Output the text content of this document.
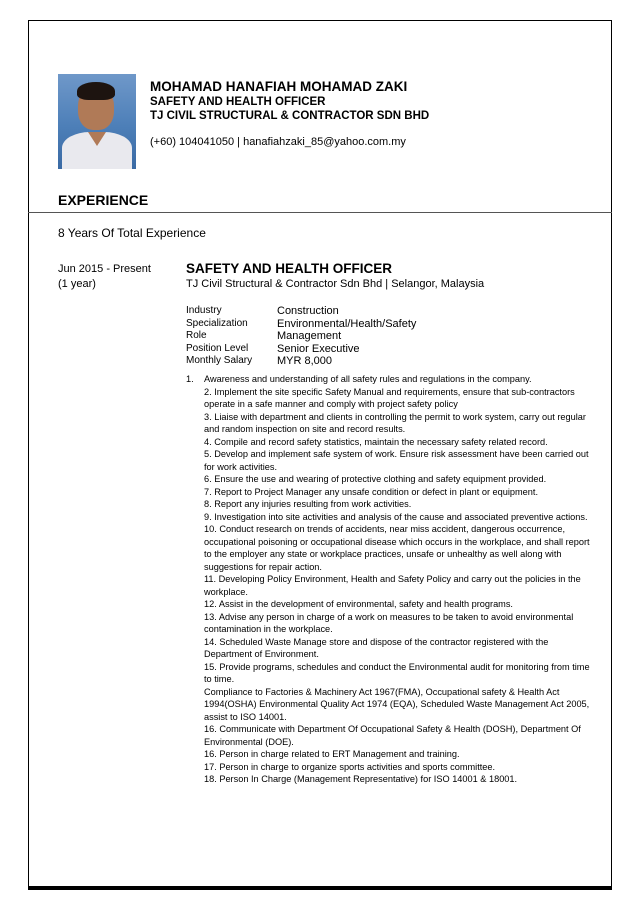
MOHAMAD HANAFIAH MOHAMAD ZAKI
SAFETY AND HEALTH OFFICER
TJ CIVIL STRUCTURAL & CONTRACTOR SDN BHD
(+60) 104041050 | hanafiahzaki_85@yahoo.com.my
EXPERIENCE
8 Years Of Total Experience
Jun 2015 - Present
(1 year)
SAFETY AND HEALTH OFFICER
TJ Civil Structural & Contractor Sdn Bhd | Selangor, Malaysia
Industry	Construction
Specialization	Environmental/Health/Safety
Role	Management
Position Level	Senior Executive
Monthly Salary	MYR 8,000
1.	Awareness and understanding of all safety rules and regulations in the company.
2. Implement the site specific Safety Manual and requirements, ensure that sub-contractors operate in a safe manner and comply with project safety policy
3. Liaise with department and clients in controlling the permit to work system, carry out regular and random inspection on site and record results.
4. Compile and record safety statistics, maintain the necessary safety related record.
5. Develop and implement safe system of work. Ensure risk assessment have been carried out for work activities.
6. Ensure the use and wearing of protective clothing and safety equipment provided.
7. Report to Project Manager any unsafe condition or defect in plant or equipment.
8. Report any injuries resulting from work activities.
9. Investigation into site activities and analysis of the cause and associated preventive actions.
10. Conduct research on trends of accidents, near miss accident, dangerous occurrence, occupational poisoning or occupational disease which occurs in the workplace, and shall report to the employer any state or workplace practices, unsafe or unhealthy as well along with suggestions for repair action.
11. Developing Policy Environment, Health and Safety Policy and carry out the policies in the workplace.
12. Assist in the development of environmental, safety and health programs.
13. Advise any person in charge of a work on measures to be taken to avoid environmental contamination in the workplace.
14. Scheduled Waste Manage store and dispose of the contractor registered with the Department of Environment.
15. Provide programs, schedules and conduct the Environmental audit for monitoring from time to time.
Compliance to Factories & Machinery Act 1967(FMA), Occupational safety & Health Act 1994(OSHA) Environmental Quality Act 1974 (EQA), Scheduled Waste Management Act 2005, assist to ISO 14001.
16. Communicate with Department Of Occupational Safety & Health (DOSH), Department Of
Environmental (DOE).
16. Person in charge related to ERT Management and training.
17. Person in charge to organize sports activities and sports committee.
18. Person In Charge (Management Representative) for ISO 14001 & 18001.
